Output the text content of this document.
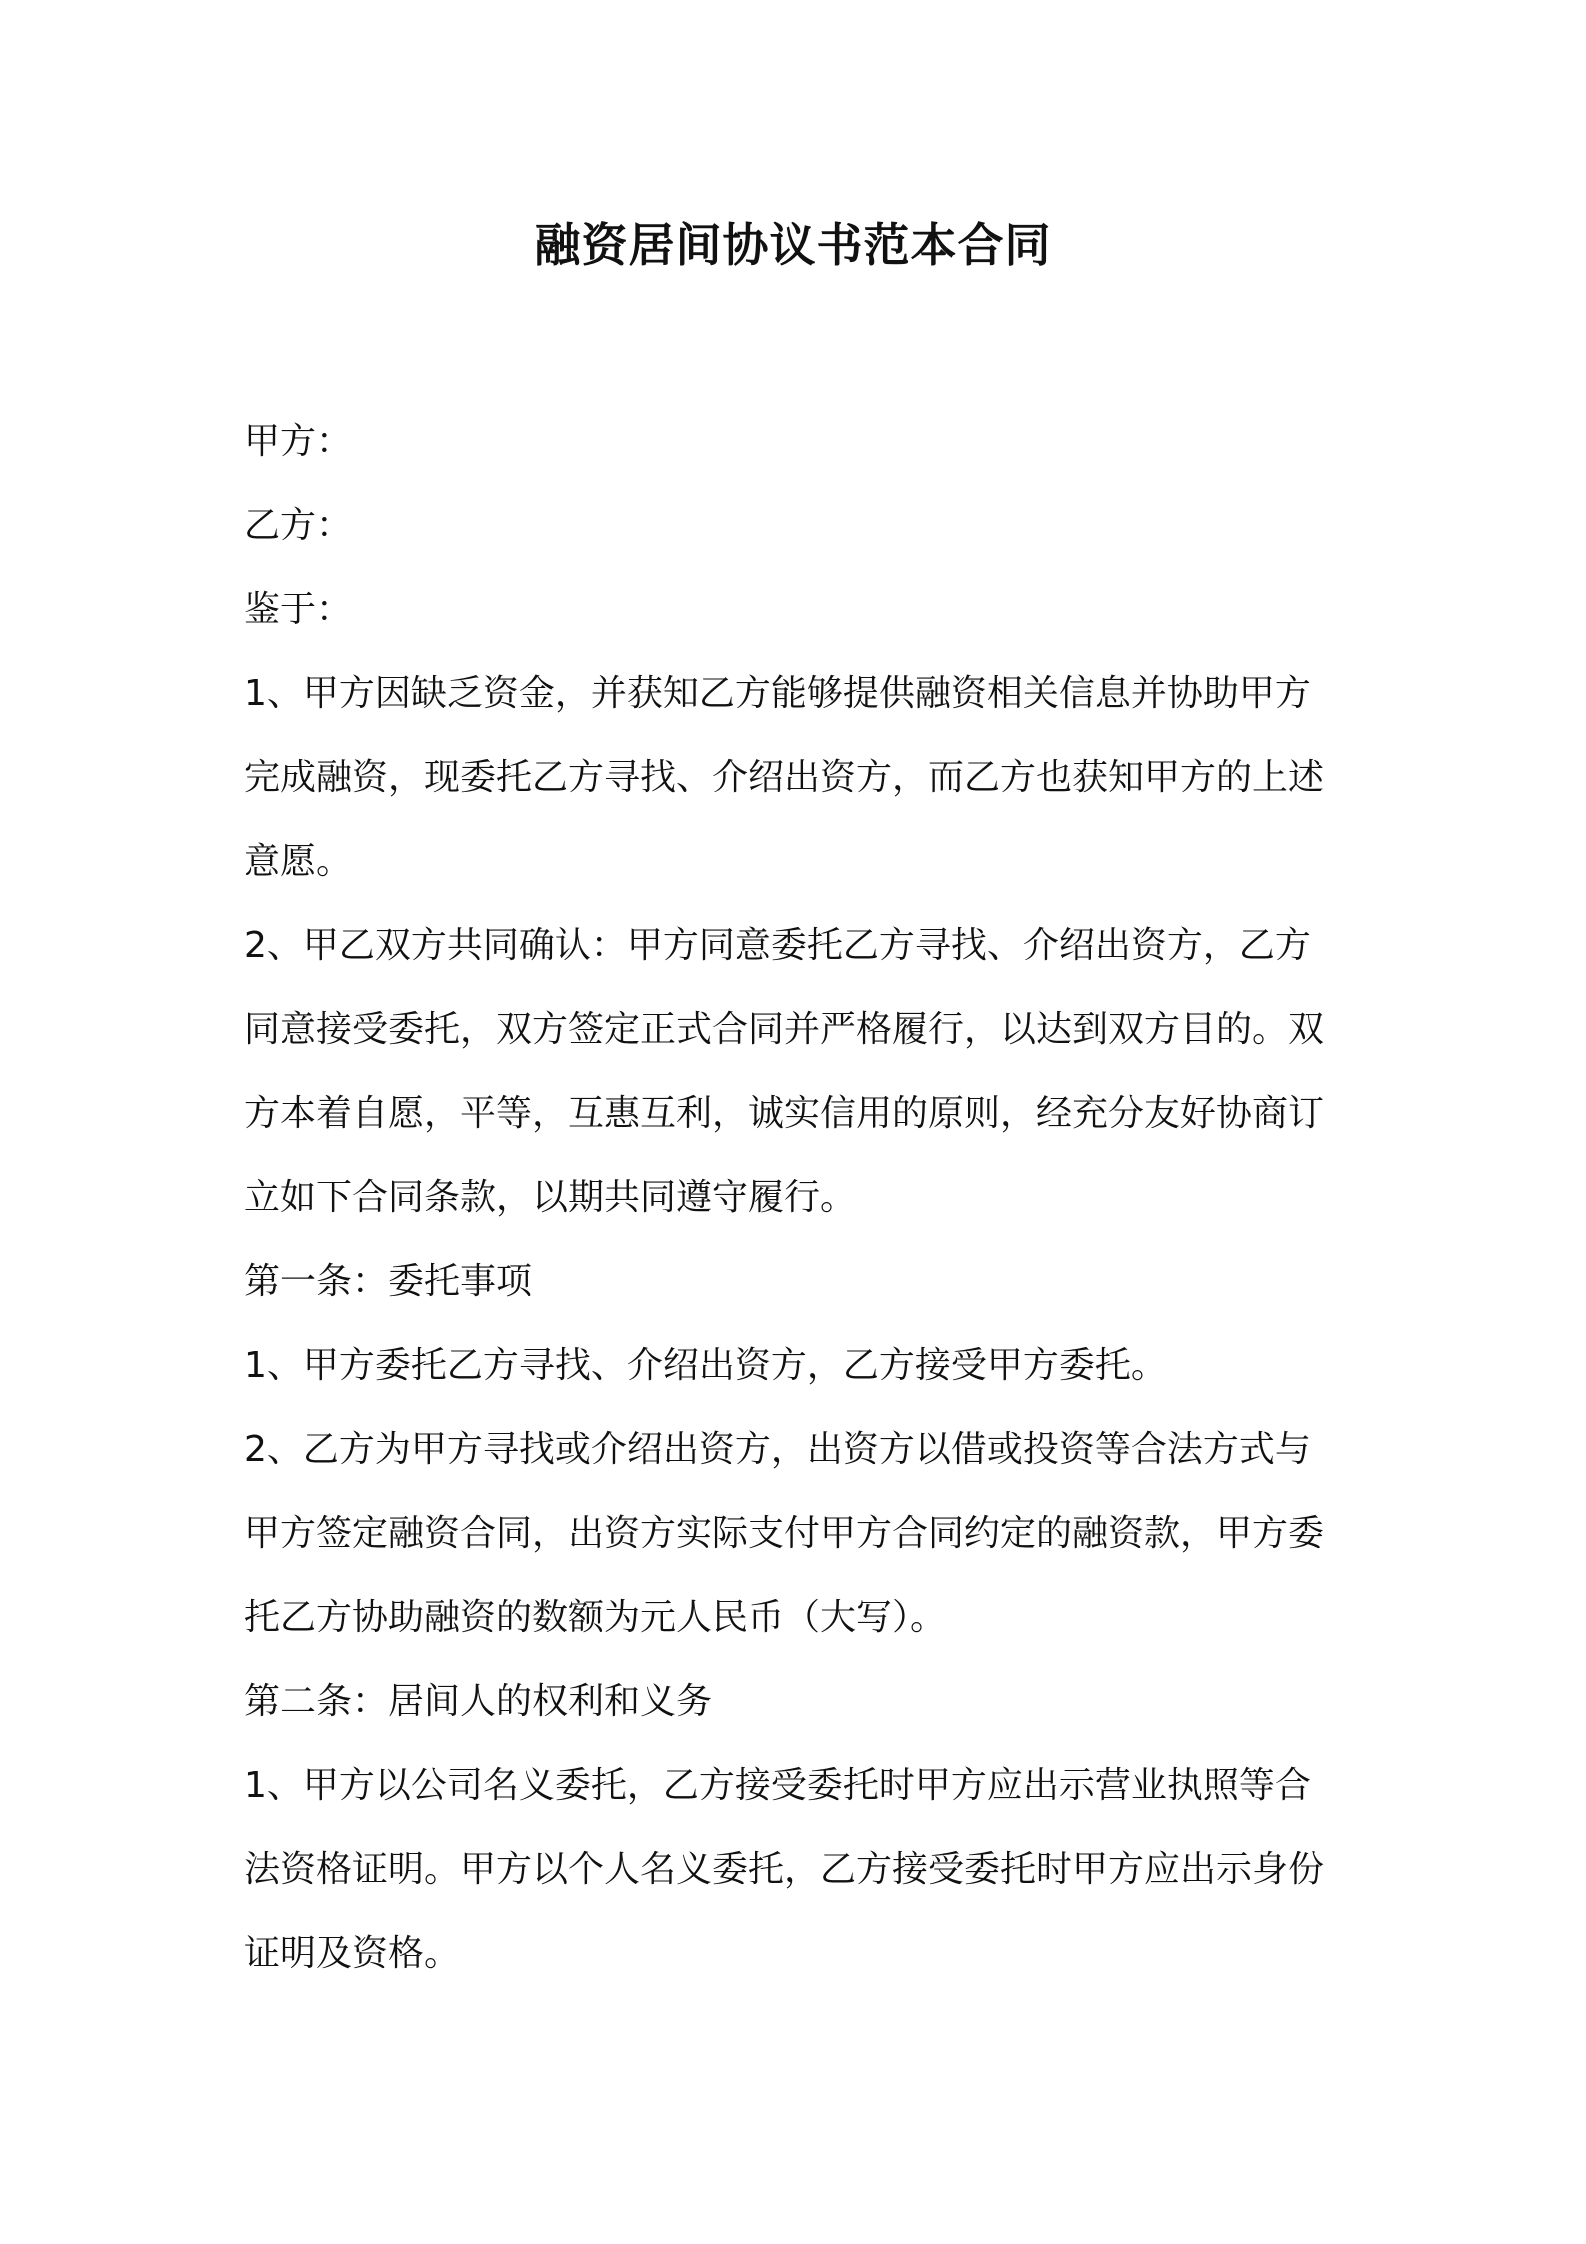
融资居间协议书范本合同

甲方：

乙方：

鉴于：

1、甲方因缺乏资金，并获知乙方能够提供融资相关信息并协助甲方

完成融资，现委托乙方寻找、介绍出资方，而乙方也获知甲方的上述

意愿。

2、甲乙双方共同确认：甲方同意委托乙方寻找、介绍出资方，乙方

同意接受委托，双方签定正式合同并严格履行，以达到双方目的。双

方本着自愿，平等，互惠互利，诚实信用的原则，经充分友好协商订

立如下合同条款，以期共同遵守履行。

第一条：委托事项

1、甲方委托乙方寻找、介绍出资方，乙方接受甲方委托。

2、乙方为甲方寻找或介绍出资方，出资方以借或投资等合法方式与

甲方签定融资合同，出资方实际支付甲方合同约定的融资款，甲方委

托乙方协助融资的数额为元人民币（大写）。

第二条：居间人的权利和义务

1、甲方以公司名义委托，乙方接受委托时甲方应出示营业执照等合

法资格证明。甲方以个人名义委托，乙方接受委托时甲方应出示身份

证明及资格。
